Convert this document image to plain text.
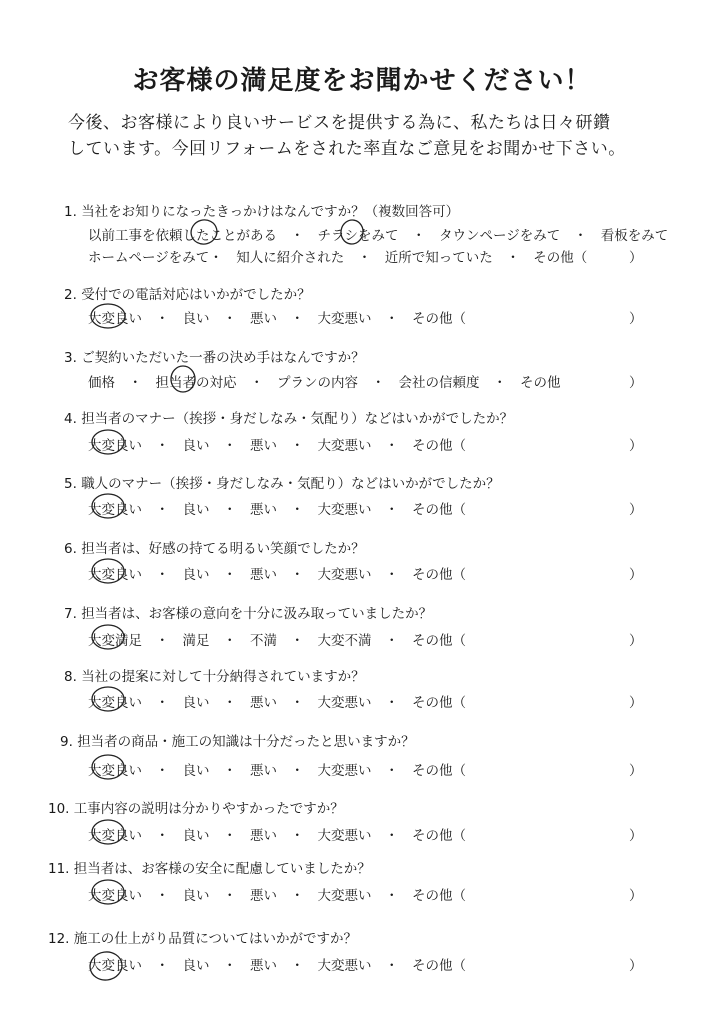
お客様の満足度をお聞かせください！
今後、お客様により良いサービスを提供する為に、私たちは日々研鑽
しています。今回リフォームをされた率直なご意見をお聞かせ下さい。
1. 当社をお知りになったきっかけはなんですか？（複数回答可）
以前工事を依頼したことがある　・　チラシをみて　・　タウンページをみて　・　看板をみて
ホームページをみて・　知人に紹介された　・　近所で知っていた　・　その他（	）
2. 受付での電話対応はいかがでしたか？
大変良い　・　良い　・　悪い　・　大変悪い　・　その他（	）
3. ご契約いただいた一番の決め手はなんですか？
価格　・　担当者の対応　・　プランの内容　・　会社の信頼度　・　その他	）
4. 担当者のマナー（挨拶・身だしなみ・気配り）などはいかがでしたか？
大変良い　・　良い　・　悪い　・　大変悪い　・　その他（	）
5. 職人のマナー（挨拶・身だしなみ・気配り）などはいかがでしたか？
大変良い　・　良い　・　悪い　・　大変悪い　・　その他（	）
6. 担当者は、好感の持てる明るい笑顔でしたか？
大変良い　・　良い　・　悪い　・　大変悪い　・　その他（	）
7. 担当者は、お客様の意向を十分に汲み取っていましたか？
大変満足　・　満足　・　不満　・　大変不満　・　その他（	）
8. 当社の提案に対して十分納得されていますか？
大変良い　・　良い　・　悪い　・　大変悪い　・　その他（	）
9. 担当者の商品・施工の知識は十分だったと思いますか？
大変良い　・　良い　・　悪い　・　大変悪い　・　その他（	）
10. 工事内容の説明は分かりやすかったですか？
大変良い　・　良い　・　悪い　・　大変悪い　・　その他（	）
11. 担当者は、お客様の安全に配慮していましたか？
大変良い　・　良い　・　悪い　・　大変悪い　・　その他（	）
12. 施工の仕上がり品質についてはいかがですか？
大変良い　・　良い　・　悪い　・　大変悪い　・　その他（	）
